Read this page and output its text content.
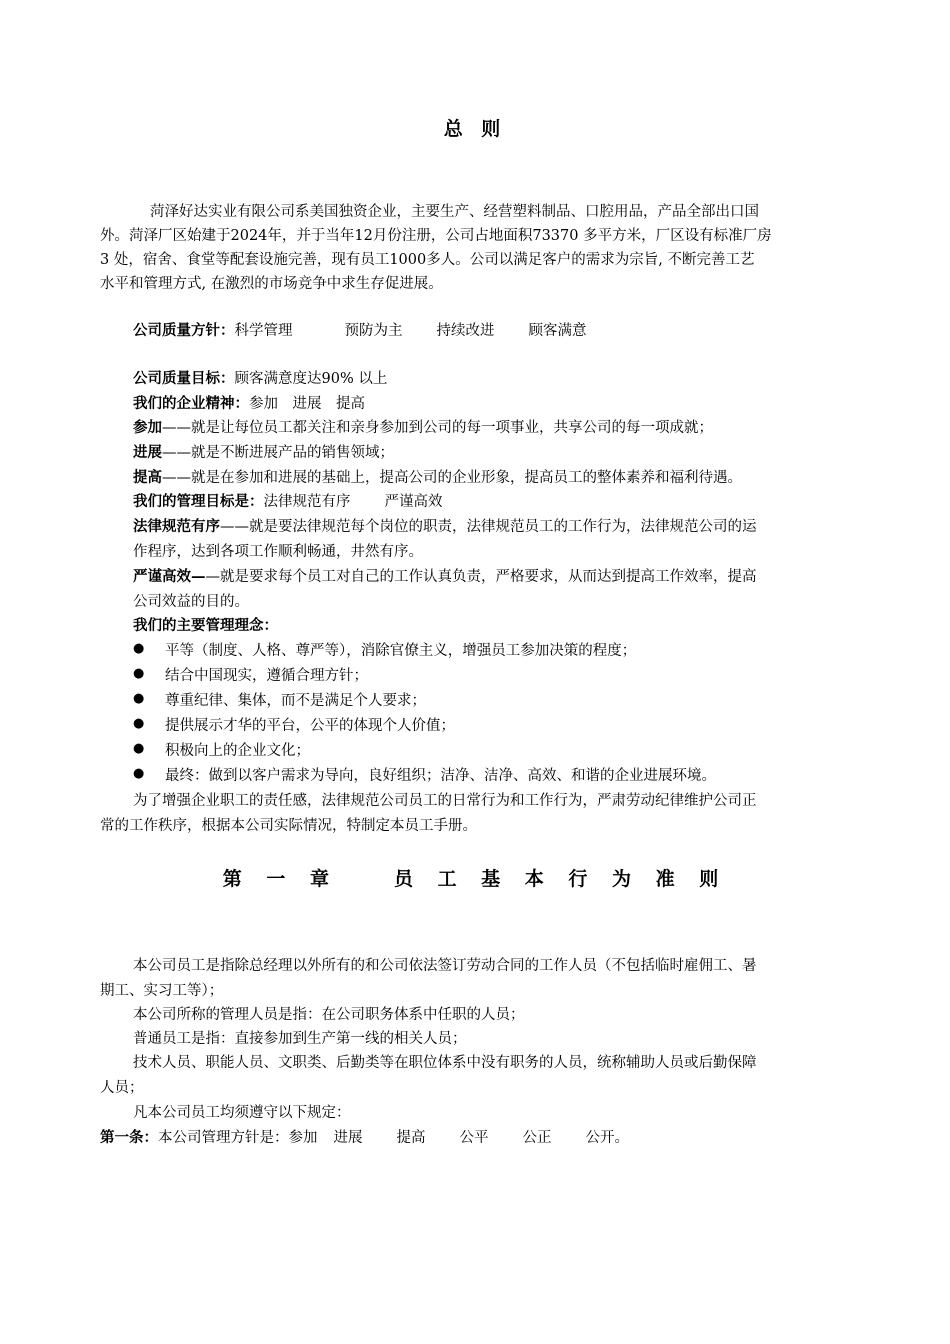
总 则
菏泽好达实业有限公司系美国独资企业，主要生产、经营塑料制品、口腔用品，产品全部出口国
外。菏泽厂区始建于2024年，并于当年12月份注册，公司占地面积73370 多平方米，厂区设有标准厂房
3 处，宿舍、食堂等配套设施完善，现有员工1000多人。公司以满足客户的需求为宗旨, 不断完善工艺
水平和管理方式, 在激烈的市场竞争中求生存促进展。
公司质量方针：科学管理	预防为主 持续改进 顾客满意
公司质量目标：顾客满意度达90% 以上
我们的企业精神：参加　进展　提高
参加——就是让每位员工都关注和亲身参加到公司的每一项事业，共享公司的每一项成就；
进展——就是不断进展产品的销售领域；
提高——就是在参加和进展的基础上，提高公司的企业形象，提高员工的整体素养和福利待遇。
我们的管理目标是：法律规范有序 严谨高效
法律规范有序——就是要法律规范每个岗位的职责，法律规范员工的工作行为，法律规范公司的运
作程序，达到各项工作顺利畅通，井然有序。
严谨高效——就是要求每个员工对自己的工作认真负责，严格要求，从而达到提高工作效率，提高
公司效益的目的。
我们的主要管理理念：
● 平等（制度、人格、尊严等），消除官僚主义，增强员工参加决策的程度；
● 结合中国现实，遵循合理方针；
● 尊重纪律、集体，而不是满足个人要求；
● 提供展示才华的平台，公平的体现个人价值；
● 积极向上的企业文化；
● 最终：做到以客户需求为导向，良好组织；洁净、洁净、高效、和谐的企业进展环境。
为了增强企业职工的责任感，法律规范公司员工的日常行为和工作行为，严肃劳动纪律维护公司正
常的工作秩序，根据本公司实际情况，特制定本员工手册。
第 一 章　　员 工 基 本 行 为 准 则
本公司员工是指除总经理以外所有的和公司依法签订劳动合同的工作人员（不包括临时雇佣工、暑
期工、实习工等）；
本公司所称的管理人员是指：在公司职务体系中任职的人员；
普通员工是指：直接参加到生产第一线的相关人员；
技术人员、职能人员、文职类、后勤类等在职位体系中没有职务的人员，统称辅助人员或后勤保障
人员；
凡本公司员工均须遵守以下规定：
第一条：本公司管理方针是：参加 进展 提高 公平 公正 公开。
